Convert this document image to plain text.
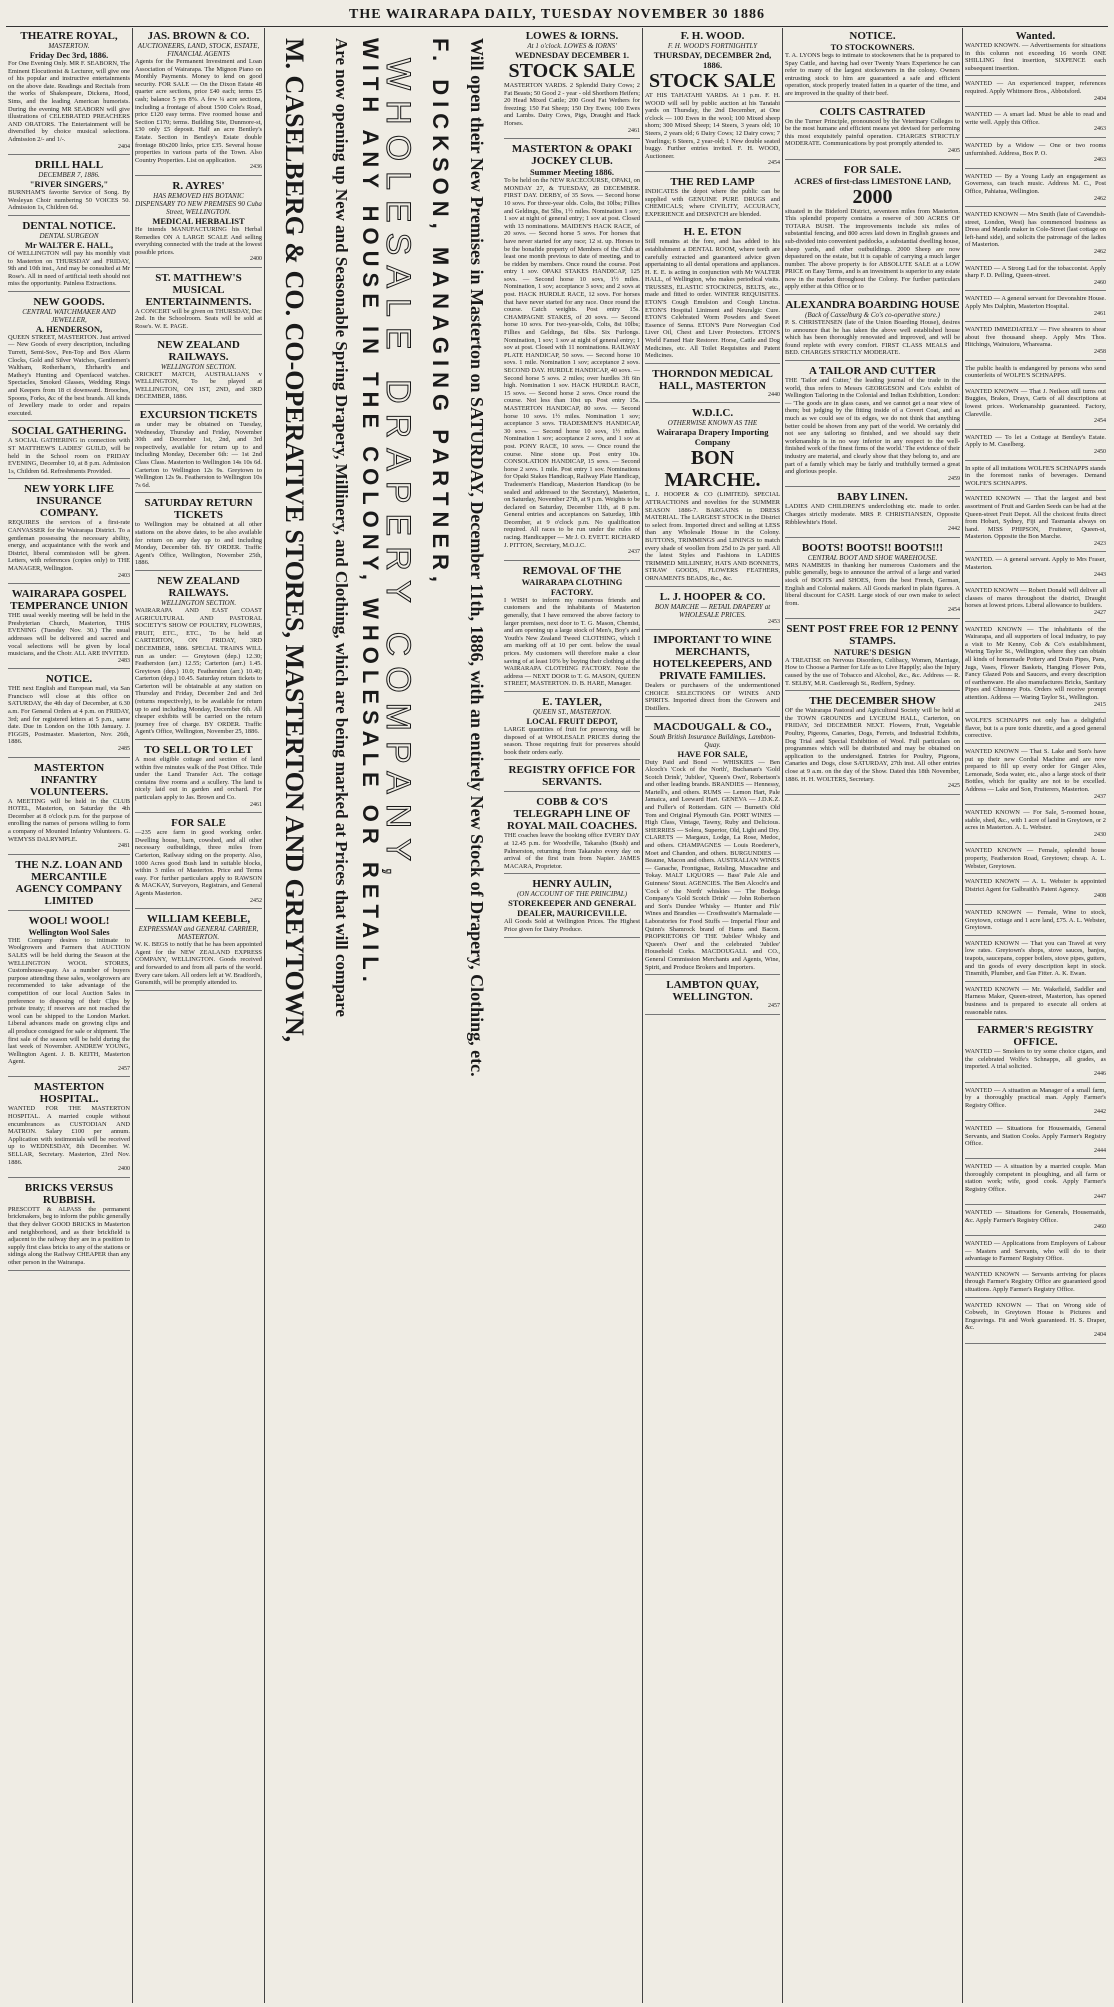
THE WAIRARAPA DAILY, TUESDAY NOVEMBER 30 1886
THEATRE ROYAL,
MASTERTON.
Friday Dec 3rd, 1886.
For One Evening Only. MR F. SEABORN, The Eminent Elocutionist & Lecturer, will give one of his popular and instructive entertainments on the above date. Readings and Recitals from the works of Shakespeare, Dickens, Hood, Sims, and the leading American humorists. During the evening MR SEABORN will give illustrations of CELEBRATED PREACHERS AND ORATORS. The Entertainment will be diversified by choice musical selections. Admission 2/- and 1/-.
2404
DRILL HALL
DECEMBER 7, 1886.
"RIVER SINGERS,"
BURNHAM'S favorite Service of Song. By Wesleyan Choir numbering 50 VOICES 50. Admission 1s, Children 6d.
DENTAL NOTICE.
DENTAL SURGEON
Mr WALTER E. HALL,
Of WELLINGTON will pay his monthly visit to Masterton on THURSDAY and FRIDAY, 9th and 10th inst., And may be consulted at Mr Rose's. All in need of artificial teeth should not miss the opportunity. Painless Extractions.
NEW GOODS.
CENTRAL WATCHMAKER AND JEWELLER,
A. HENDERSON,
QUEEN STREET, MASTERTON. Just arrived — New Goods of every description, including Turrett, Semi-Sov., Pen-Top and Box Alarm Clocks, Gold and Silver Watches, Gentlemen's Waltham, Rotherham's, Ehrhardt's and Mathey's Hunting and Openfaced watches. Spectacles, Smoked Glasses, Wedding Rings and Keepers from 18 ct downward. Brooches, Spoons, Forks, &c of the best brands. All kinds of Jewellery made to order and repairs executed.
SOCIAL GATHERING.
A SOCIAL GATHERING in connection with ST MATTHEW'S LADIES' GUILD, will be held in the School room on FRIDAY EVENING, December 10, at 8 p.m. Admission 1s, Children 6d. Refreshments Provided.
NEW YORK LIFE INSURANCE COMPANY.
REQUIRES the services of a first-rate CANVASSER for the Wairarapa District. To a gentleman possessing the necessary ability, energy, and acquaintance with the work and District, liberal commission will be given. Letters, with references (copies only) to THE MANAGER, Wellington.
2403
WAIRARAPA GOSPEL TEMPERANCE UNION
THE usual weekly meeting will be held in the Presbyterian Church, Masterton, THIS EVENING (Tuesday Nov. 30.) The usual addresses will be delivered and sacred and vocal selections will be given by local musicians, and the Choir. ALL ARE INVITED.
2483
NOTICE.
THE next English and European mail, via San Francisco will close at this office on SATURDAY, the 4th day of December, at 6.30 a.m. For General Orders at 4 p.m. on FRIDAY, 3rd; and for registered letters at 5 p.m., same date. Due in London on the 10th January. J. FIGGIS, Postmaster. Masterton, Nov. 26th, 1886.
2485
MASTERTON INFANTRY VOLUNTEERS.
A MEETING will be held in the CLUB HOTEL, Masterton, on Saturday the 4th December at 8 o'clock p.m. for the purpose of enrolling the names of persons willing to form a company of Mounted Infantry Volunteers. G. WEMYSS DALRYMPLE.
2481
THE N.Z. LOAN AND MERCANTILE AGENCY COMPANY LIMITED
WOOL! WOOL!
Wellington Wool Sales
THE Company desires to intimate to Woolgrowers and Farmers that AUCTION SALES will be held during the Season at the WELLINGTON WOOL STORES, Customhouse-quay. As a number of buyers purpose attending these sales, woolgrowers are recommended to take advantage of the competition of our local Auction Sales in preference to disposing of their Clips by private treaty; if reserves are not reached the wool can be shipped to the London Market. Liberal advances made on growing clips and all produce consigned for sale or shipment. The first sale of the season will be held during the last week of November. ANDREW YOUNG, Wellington Agent. J. B. KEITH, Masterton Agent.
2457
MASTERTON HOSPITAL.
WANTED FOR THE MASTERTON HOSPITAL. A married couple without encumbrances as CUSTODIAN AND MATRON. Salary £100 per annum. Application with testimonials will be received up to WEDNESDAY, 8th December. W. SELLAR, Secretary. Masterton, 23rd Nov. 1886.
2400
BRICKS VERSUS RUBBISH.
PRESCOTT & ALPASS the permanent brickmakers, beg to inform the public generally that they deliver GOOD BRICKS in Masterton and neighborhood, and as their brickfield is adjacent to the railway they are in a position to supply first class bricks to any of the stations or sidings along the Railway CHEAPER than any other person in the Wairarapa.
JAS. BROWN & CO.
AUCTIONEERS, LAND, STOCK, ESTATE, FINANCIAL AGENTS
Agents for the Permanent Investment and Loan Association of Wairarapa. The Mignon Piano on Monthly Payments. Money to lend on good security. FOR SALE — On the Dixon Estate 48 quarter acre sections, price £40 each; terms £5 cash; balance 5 yrs 8%. A few ¼ acre sections, including a frontage of about 1500 Cole's Road, price £120 easy terms. Five roomed house and Section £170; terms. Building Site, Dunmore-st, £30 only £5 deposit. Half an acre Bentley's Estate. Section in Bentley's Estate double frontage 80x200 links, price £35. Several house properties in various parts of the Town. Also Country Properties. List on application.
2436
R. AYRES'
HAS REMOVED HIS BOTANIC DISPENSARY TO NEW PREMISES 90 Cuba Street, WELLINGTON.
MEDICAL HERBALIST
He intends MANUFACTURING his Herbal Remedies ON A LARGE SCALE And selling everything connected with the trade at the lowest possible prices.
2400
ST. MATTHEW'S MUSICAL ENTERTAINMENTS.
A CONCERT will be given on THURSDAY, Dec 2nd. In the Schoolroom. Seats will be sold at Rose's. W. E. PAGE.
NEW ZEALAND RAILWAYS.
WELLINGTON SECTION.
CRICKET MATCH, AUSTRALIANS v WELLINGTON, To be played at WELLINGTON, ON 1ST, 2ND, and 3RD DECEMBER, 1886.
EXCURSION TICKETS
as under may be obtained on Tuesday, Wednesday, Thursday and Friday, November 30th and December 1st, 2nd, and 3rd respectively, available for return up to and including Monday, December 6th: — 1st 2nd Class Class. Masterton to Wellington 14s 10s 6d. Carterton to Wellington 12s 9s. Greytown to Wellington 12s 9s. Featherston to Wellington 10s 7s 6d.
SATURDAY RETURN TICKETS
to Wellington may be obtained at all other stations on the above dates, to be also available for return on any day up to and including Monday, December 6th. BY ORDER. Traffic Agent's Office, Wellington, November 25th, 1886.
NEW ZEALAND RAILWAYS.
WELLINGTON SECTION.
WAIRARAPA AND EAST COAST AGRICULTURAL AND PASTORAL SOCIETY'S SHOW OF POULTRY, FLOWERS, FRUIT, ETC., ETC., To be held at CARTERTON, ON FRIDAY, 3RD DECEMBER, 1886. SPECIAL TRAINS WILL run as under: — Greytown (dep.) 12.30; Featherston (arr.) 12.55; Carterton (arr.) 1.45. Greytown (dep.) 10.0; Featherston (arr.) 10.40; Carterton (dep.) 10.45. Saturday return tickets to Carterton will be obtainable at any station on Thursday and Friday, December 2nd and 3rd (returns respectively), to be available for return up to and including Monday, December 6th. All cheaper exhibits will be carried on the return journey free of charge. BY ORDER. Traffic Agent's Office, Wellington, November 25, 1886.
TO SELL OR TO LET
A most eligible cottage and section of land within five minutes walk of the Post Office. Title under the Land Transfer Act. The cottage contains five rooms and a scullery. The land is nicely laid out in garden and orchard. For particulars apply to Jas. Brown and Co.
2461
FOR SALE
—235 acre farm in good working order. Dwelling house, barn, cowshed, and all other necessary outbuildings, three miles from Carterton, Railway siding on the property. Also, 1000 Acres good Bush land in suitable blocks, within 3 miles of Masterton. Price and Terms easy. For further particulars apply to RAWSON & MACKAY, Surveyors, Registrars, and General Agents Masterton.
2452
WILLIAM KEEBLE,
EXPRESSMAN and GENERAL CARRIER, MASTERTON.
W. K. BEGS to notify that he has been appointed Agent for the NEW ZEALAND EXPRESS COMPANY, WELLINGTON. Goods received and forwarded to and from all parts of the world. Every care taken. All orders left at W. Bradford's, Gunsmith, will be promptly attended to.	M. CASELBERG & CO. CO-OPERATIVE STORES, MASTERTON AND GREYTOWN, Are now opening up New and Seasonable Spring Drapery, Millinery, and Clothing, which are being marked at Prices that will compare WITH ANY HOUSE IN THE COLONY, WHOLESALE OR RETAIL.
WHOLESALE DRAPERY COMPANY, F. DICKSON, MANAGING PARTNER, Will open their New Premises in Masterton on SATURDAY, December 11th, 1886, with an entirely New Stock of Drapery, Clothing, etc.
LOWES & IORNS.
At 1 o'clock. LOWES & IORNS'
WEDNESDAY DECEMBER 1.
STOCK SALE
MASTERTON YARDS. 2 Splendid Dairy Cows; 2 Fat Beasts; 50 Good 2 - year - old Shorthorn Heifers; 20 Head Mixed Cattle; 200 Good Fat Wethers for freezing; 150 Fat Sheep; 150 Dry Ewes; 100 Ewes and Lambs. Dairy Cows, Pigs, Draught and Hack Horses.
2461
MASTERTON & OPAKI JOCKEY CLUB.
Summer Meeting 1886.
To be held on the NEW RACECOURSE, OPAKI, on MONDAY 27, & TUESDAY, 28 DECEMBER. FIRST DAY. DERBY, of 35 Sovs. — Second horse 10 sovs. For three-year olds. Colts, 8st 10lbs; Fillies and Geldings, 8st 5lbs, 1½ miles. Nomination 1 sov; 1 sov at night of general entry; 1 sov at post. Closed with 13 nominations. MAIDEN'S HACK RACE, of 20 sovs. — Second horse 5 sovs. For horses that have never started for any race; 12 st. up. Horses to be the bonafide property of Members of the Club at least one month previous to date of meeting, and to be ridden by members. Once round the course. Post entry 1 sov. OPAKI STAKES HANDICAP, 125 sovs. — Second horse 10 sovs, 1½ miles. Nomination, 1 sov; acceptance 3 sovs; and 2 sovs at post. HACK HURDLE RACE, 12 sovs. For horses that have never started for any race. Once round the course. Catch weights. Post entry 15s. CHAMPAGNE STAKES, of 20 sovs. — Second horse 10 sovs. For two-year-olds, Colts, 8st 10lbs; Fillies and Geldings, 8st 6lbs. Six Furlongs. Nomination, 1 sov; 1 sov at night of general entry; 1 sov at post. Closed with 11 nominations. RAILWAY PLATE HANDICAP, 50 sovs. — Second horse 10 sovs. 1 mile. Nomination 1 sov; acceptance 2 sovs. SECOND DAY. HURDLE HANDICAP, 40 sovs. — Second horse 5 sovs. 2 miles; over hurdles 3ft 6in high. Nomination 1 sov. HACK HURDLE RACE, 15 sovs. — Second horse 2 sovs. Once round the course. Not less than 10st up. Post entry 15s. MASTERTON HANDICAP, 80 sovs. — Second horse 10 sovs. 1½ miles. Nomination 1 sov; acceptance 3 sovs. TRADESMEN'S HANDICAP, 30 sovs. — Second horse 10 sovs, 1½ miles. Nomination 1 sov; acceptance 2 sovs, and 1 sov at post. PONY RACE, 10 sovs. — Once round the course. Nine stone up. Post entry 10s. CONSOLATION HANDICAP, 15 sovs. — Second horse 2 sovs. 1 mile. Post entry 1 sov. Nominations for Opaki Stakes Handicap, Railway Plate Handicap, Tradesmen's Handicap, Masterton Handicap (to be sealed and addressed to the Secretary), Masterton, on Saturday, November 27th, at 9 p.m. Weights to be declared on Saturday, December 11th, at 8 p.m. General entries and acceptances on Saturday, 18th December, at 9 o'clock p.m. No qualification required. All races to be run under the rules of racing. Handicapper — Mr J. O. EVETT. RICHARD J. PITTON, Secretary, M.O.J.C.
2437
REMOVAL OF THE
WAIRARAPA CLOTHING FACTORY.
I WISH to inform my numerous friends and customers and the inhabitants of Masterton generally, that I have removed the above factory to larger premises, next door to T. G. Mason, Chemist, and am opening up a large stock of Men's, Boy's and Youth's New Zealand Tweed CLOTHING, which I am marking off at 10 per cent. below the usual prices. My customers will therefore make a clear saving of at least 10% by buying their clothing at the WAIRARAPA CLOTHING FACTORY. Note the address — NEXT DOOR to T. G. MASON, QUEEN STREET, MASTERTON. D. B. HARE, Manager.
E. TAYLER,
QUEEN ST., MASTERTON.
LOCAL FRUIT DEPOT,
LARGE quantities of fruit for preserving will be disposed of at WHOLESALE PRICES during the season. Those requiring fruit for preserves should book their orders early.
REGISTRY OFFICE FOR SERVANTS.
COBB & CO'S TELEGRAPH LINE OF ROYAL MAIL COACHES.
THE coaches leave the booking office EVERY DAY at 12.45 p.m. for Woodville, Takaraho (Bush) and Palmerston, returning from Takaraho every day on arrival of the first train from Napier. JAMES MACARA, Proprietor.
HENRY AULIN,
(ON ACCOUNT OF THE PRINCIPAL)
STOREKEEPER AND GENERAL DEALER, MAURICEVILLE.
All Goods Sold at Wellington Prices. The Highest Price given for Dairy Produce.
F. H. WOOD.
F. H. WOOD'S FORTNIGHTLY
THURSDAY, DECEMBER 2nd, 1886.
STOCK SALE
AT HIS TAHATAHI YARDS. At 1 p.m. F. H. WOOD will sell by public auction at his Taratahi yards on Thursday, the 2nd December, at One o'clock — 100 Ewes in the wool; 100 Mixed sheep shorn; 300 Mixed Sheep; 14 Steers, 3 years old; 10 Steers, 2 years old; 6 Dairy Cows; 12 Dairy cows; 7 Yearlings; 6 Steers, 2 year-old; 1 New double seated buggy. Further entries invited. F. H. WOOD, Auctioneer.
2454
THE RED LAMP
INDICATES the depot where the public can be supplied with GENUINE PURE DRUGS and CHEMICALS; where CIVILITY, ACCURACY, EXPERIENCE and DESPATCH are blended.
H. E. ETON
Still remains at the fore, and has added to his establishment a DENTAL ROOM, where teeth are carefully extracted and guaranteed advice given appertaining to all dental operations and appliances. H. E. E. is acting in conjunction with Mr WALTER HALL, of Wellington, who makes periodical visits. TRUSSES, ELASTIC STOCKINGS, BELTS, etc., made and fitted to order. WINTER REQUISITES. ETON'S Cough Emulsion and Cough Linctus. ETON'S Hospital Liniment and Neuralgic Cure. ETON'S Celebrated Worm Powders and Sweet Essence of Senna. ETON'S Pure Norwegian Cod Liver Oil, Chest and Liver Protectors. ETON'S World Famed Hair Restorer. Horse, Cattle and Dog Medicines, etc. All Toilet Requisites and Patent Medicines.
THORNDON MEDICAL HALL, MASTERTON
2440
W.D.I.C.
OTHERWISE KNOWN AS THE
Wairarapa Drapery Importing Company
BON MARCHE.
L. J. HOOPER & CO (LIMITED). SPECIAL ATTRACTIONS and novelties for the SUMMER SEASON 1886-7. BARGAINS in DRESS MATERIAL. The LARGEST STOCK in the District to select from. Imported direct and selling at LESS than any Wholesale House in the Colony. BUTTONS, TRIMMINGS and LININGS to match every shade of woollen from 25d to 2s per yard. All the latest Styles and Fashions in LADIES TRIMMED MILLINERY, HATS AND BONNETS, STRAW GOODS, FLOWERS FEATHERS, ORNAMENTS BEADS, &c., &c.
L. J. HOOPER & CO.
BON MARCHE — RETAIL DRAPERY at WHOLESALE PRICES.
2453
IMPORTANT TO WINE MERCHANTS, HOTELKEEPERS, AND PRIVATE FAMILIES.
Dealers or purchasers of the undermentioned CHOICE SELECTIONS OF WINES AND SPIRITS. Imported direct from the Growers and Distillers.
MACDOUGALL & CO.,
South British Insurance Buildings, Lambton-Quay.
HAVE FOR SALE,
Duty Paid and Bond — WHISKIES — Ben Alcoch's 'Cock of the North', Buchanan's 'Gold Scotch Drink', 'Jubilee', 'Queen's Own', Robertson's and other leading brands. BRANDIES — Hennessy, Martell's, and others. RUMS — Lemon Hart, Pale Jamaica, and Leeward Hart. GENEVA — J.D.K.Z. and Fuller's of Rotterdam. GIN — Burnett's Old Tom and Original Plymouth Gin. PORT WINES — High Class, Vintage, Tawny, Ruby and Delicious. SHERRIES — Solera, Superior, Old, Light and Dry. CLARETS — Margaux, Lodge, La Rose, Medoc, and others. CHAMPAGNES — Louis Roederer's, Moet and Chandon, and others. BURGUNDIES — Beaune, Macon and others. AUSTRALIAN WINES — Ganache, Frontignac, Reisling, Muscadine and Tokay. MALT LIQUORS — Bass' Pale Ale and Guinness' Stout. AGENCIES. The Ben Alcoch's and 'Cock o' the North' whiskies — The Bodega Company's 'Gold Scotch Drink' — John Robertson and Son's Dundee Whisky — Hunter and Fils' Wines and Brandies — Crosthwaite's Marmalade — Laboratories for Food Stuffs — Imperial Flour and Quinn's Shamrock brand of Hams and Bacon. PROPRIETORS OF THE 'Jubilee' Whisky and 'Queen's Own' and the celebrated 'Jubilee' Household Corks. MACDOUGALL and CO., General Commission Merchants and Agents, Wine, Spirit, and Produce Brokers and Importers.
LAMBTON QUAY, WELLINGTON.
2457
NOTICE.
TO STOCKOWNERS.
T. A. LYONS begs to intimate to stockowners that he is prepared to Spay Cattle, and having had over Twenty Years Experience he can refer to many of the largest stockowners in the colony. Owners entrusting stock to him are guaranteed a safe and efficient operation, stock properly treated fatten in a quarter of the time, and are improved in the quality of their beef.
COLTS CASTRATED
On the Turner Principle, pronounced by the Veterinary Colleges to be the most humane and efficient means yet devised for performing this most exquisitely painful operation. CHARGES STRICTLY MODERATE. Communications by post promptly attended to.
2405
FOR SALE.
ACRES of first-class LIMESTONE LAND,
2000
situated in the Bideford District, seventeen miles from Masterton. This splendid property contains a reserve of 300 ACRES OF TOTARA BUSH. The improvements include six miles of substantial fencing, and 800 acres laid down in English grasses and sub-divided into convenient paddocks, a substantial dwelling house, sheep yards, and other outbuildings. 2000 Sheep are now depastured on the estate, but it is capable of carrying a much larger number. The above property is for ABSOLUTE SALE at a LOW PRICE on Easy Terms, and is an investment is superior to any estate now in the market throughout the Colony. For further particulars apply either at this Office or to
ALEXANDRA BOARDING HOUSE
(Back of Casselburg & Co's co-operative store.)
P. S. CHRISTENSEN (late of the Union Boarding House), desires to announce that he has taken the above well established house which has been thoroughly renovated and improved, and will be found replete with every comfort. FIRST CLASS MEALS and BED. CHARGES STRICTLY MODERATE.
A TAILOR AND CUTTER
THE 'Tailor and Cutter,' the leading journal of the trade in the world, thus refers to Messrs GEORGESON and Co's exhibit of Wellington Tailoring in the Colonial and Indian Exhibition, London: — 'The goods are in glass cases, and we cannot get a near view of them; but judging by the fitting inside of a Covert Coat, and as much as we could see of its edges, we do not think that anything better could be shown from any part of the world. We certainly did not see any tailoring so finished, and we should say their workmanship is in no way inferior in any respect to the well-finished work of the finest firms of the world.' The evidence of their industry are material, and clearly show that they belong to, and are part of a family which may be fairly and truthfully termed a great and glorious people.
2459
BABY LINEN.
LADIES AND CHILDREN'S underclothing etc. made to order. Charges strictly moderate. MRS P. CHRISTIANSEN, Opposite Ribblewhite's Hotel.
2442
BOOTS! BOOTS!! BOOTS!!!
CENTRAL BOOT AND SHOE WAREHOUSE.
MRS NAMBEIS in thanking her numerous Customers and the public generally, begs to announce the arrival of a large and varied stock of BOOTS and SHOES, from the best French, German, English and Colonial makers. All Goods marked in plain figures. A liberal discount for CASH. Large stock of our own make to select from.
2454
SENT POST FREE FOR 12 PENNY STAMPS.
NATURE'S DESIGN
A TREATISE on Nervous Disorders, Celibacy, Women, Marriage, How to Choose a Partner for Life as to Live Happily; also the Injury caused by the use of Tobacco and Alcohol, &c., &c. Address — R. T. SELBY, M.R. Castlereagh St., Redfern, Sydney.
THE DECEMBER SHOW
OF the Wairarapa Pastoral and Agricultural Society will be held at the TOWN GROUNDS and LYCEUM HALL, Carterton, on FRIDAY, 3rd DECEMBER NEXT. Flowers, Fruit, Vegetable Poultry, Pigeons, Canaries, Dogs, Ferrets, and Industrial Exhibits, Dog Trial and Special Exhibition of Wool. Full particulars on programmes which will be distributed and may be obtained on application to the undersigned. Entries for Poultry, Pigeons, Canaries and Dogs, close SATURDAY, 27th inst. All other entries close at 9 a.m. on the day of the Show. Dated this 18th November, 1886. H. H. WOLTERS, Secretary.
2425
Wanted.
WANTED KNOWN. — Advertisements for situations in this column not exceeding 16 words ONE SHILLING first insertion, SIXPENCE each subsequent insertion.
WANTED — An experienced trapper, references required. Apply Whitmore Bros., Abbotsford.
2404
WANTED — A smart lad. Must be able to read and write well. Apply this Office.
2463
WANTED by a Widow — One or two rooms unfurnished. Address, Box P. O.
2463
WANTED — By a Young Lady an engagement as Governess, can teach music. Address M. C., Post Office, Pahiatua, Wellington.
2462
WANTED KNOWN — Mrs Smith (late of Cavendish-street, London, West) has commenced business as Dress and Mantle maker in Cole-Street (last cottage on left-hand side), and solicits the patronage of the ladies of Masterton.
2462
WANTED — A Strong Lad for the tobacconist. Apply sharp F. D. Pelling, Queen-street.
2460
WANTED — A general servant for Devonshire House. Apply Mrs Dalphin, Masterton Hospital.
2461
WANTED IMMEDIATELY — Five shearers to shear about five thousand sheep. Apply Mrs Thos. Hitchings, Wainuioru, Whareama.
2458
The public health is endangered by persons who send counterfeits of WOLFE'S SCHNAPPS.
WANTED KNOWN — That J. Neilson still turns out Buggies, Brakes, Drays, Carts of all descriptions at lowest prices. Workmanship guaranteed. Factory, Clareville.
2454
WANTED — To let a Cottage at Bentley's Estate. Apply to M. Caselberg.
2450
In spite of all imitations WOLFE'S SCHNAPPS stands in the foremost ranks of beverages. Demand WOLFE'S SCHNAPPS.
WANTED KNOWN — That the largest and best assortment of Fruit and Garden Seeds can be had at the Queen-street Fruit Depot. All the choicest fruits direct from Hobart, Sydney, Fiji and Tasmania always on hand. MISS PHIPSON, Fruiterer, Queen-st, Masterton. Opposite the Bon Marche.
2423
WANTED. — A general servant. Apply to Mrs Fraser, Masterton.
2443
WANTED KNOWN — Robert Donald will deliver all classes of mares throughout the district, Draught horses at lowest prices. Liberal allowance to builders.
2427
WANTED KNOWN — The inhabitants of the Wairarapa, and all supporters of local industry, to pay a visit to Mr Kenny, Cob & Co's establishment, Waring Taylor St., Wellington, where they can obtain all kinds of homemade Pottery and Drain Pipes, Pans, Jugs, Vases, Flower Baskets, Hanging Flower Pots, Fancy Glazed Pots and Saucers, and every description of earthenware. He also manufactures Bricks, Sanitary Pipes and Chimney Pots. Orders will receive prompt attention. Address — Waring Taylor St., Wellington.
2415
WOLFE'S SCHNAPPS not only has a delightful flavor, but is a pure tonic diuretic, and a good general corrective.
WANTED KNOWN — That S. Lake and Son's have put up their new Cordial Machine and are now prepared to fill up every order for Ginger Ales, Lemonade, Soda water, etc., also a large stock of their Bottles, which for quality are not to be excelled. Address — Lake and Son, Fruiterers, Masterton.
2437
WANTED KNOWN — For Sale, 5-roomed house, stable, shed, &c., with 1 acre of land in Greytown, or 2 acres in Masterton. A. L. Webster.
2430
WANTED KNOWN — Female, splendid house property, Featherston Road, Greytown; cheap. A. L. Webster, Greytown.
WANTED KNOWN — A. L. Webster is appointed District Agent for Galbraith's Patent Agency.
2408
WANTED KNOWN — Female, Wine to stock, Greytown, cottage and 1 acre land, £75. A. L. Webster, Greytown.
WANTED KNOWN — That you can Travel at very low rates. Greytown's shops, stove sauces, banjos, teapots, saucepans, copper boilers, stove pipes, gutters, and tin goods of every description kept in stock. Tinsmith, Plumber, and Gas Fitter. A. K. Ewan.
WANTED KNOWN — Mr. Wakefield, Saddler and Harness Maker, Queen-street, Masterton, has opened business and is prepared to execute all orders at reasonable rates.
FARMER'S REGISTRY OFFICE.
WANTED — Smokers to try some choice cigars, and the celebrated Wolfe's Schnapps, all grades, as imported. A trial solicited.
2446
WANTED — A situation as Manager of a small farm, by a thoroughly practical man. Apply Farmer's Registry Office.
2442
WANTED — Situations for Housemaids, General Servants, and Station Cooks. Apply Farmer's Registry Office.
2444
WANTED — A situation by a married couple. Man thoroughly competent in ploughing, and all farm or station work; wife, good cook. Apply Farmer's Registry Office.
2447
WANTED — Situations for Generals, Housemaids, &c. Apply Farmer's Registry Office.
2460
WANTED — Applications from Employers of Labour — Masters and Servants, who will do to their advantage to Farmers' Registry Office.
WANTED KNOWN — Servants arriving for places through Farmer's Registry Office are guaranteed good situations. Apply Farmer's Registry Office.
WANTED KNOWN — That on Wrong side of Cobweb, in Greytown House is Pictures and Engravings. Fit and Work guaranteed. H. S. Draper, &c.
2404
